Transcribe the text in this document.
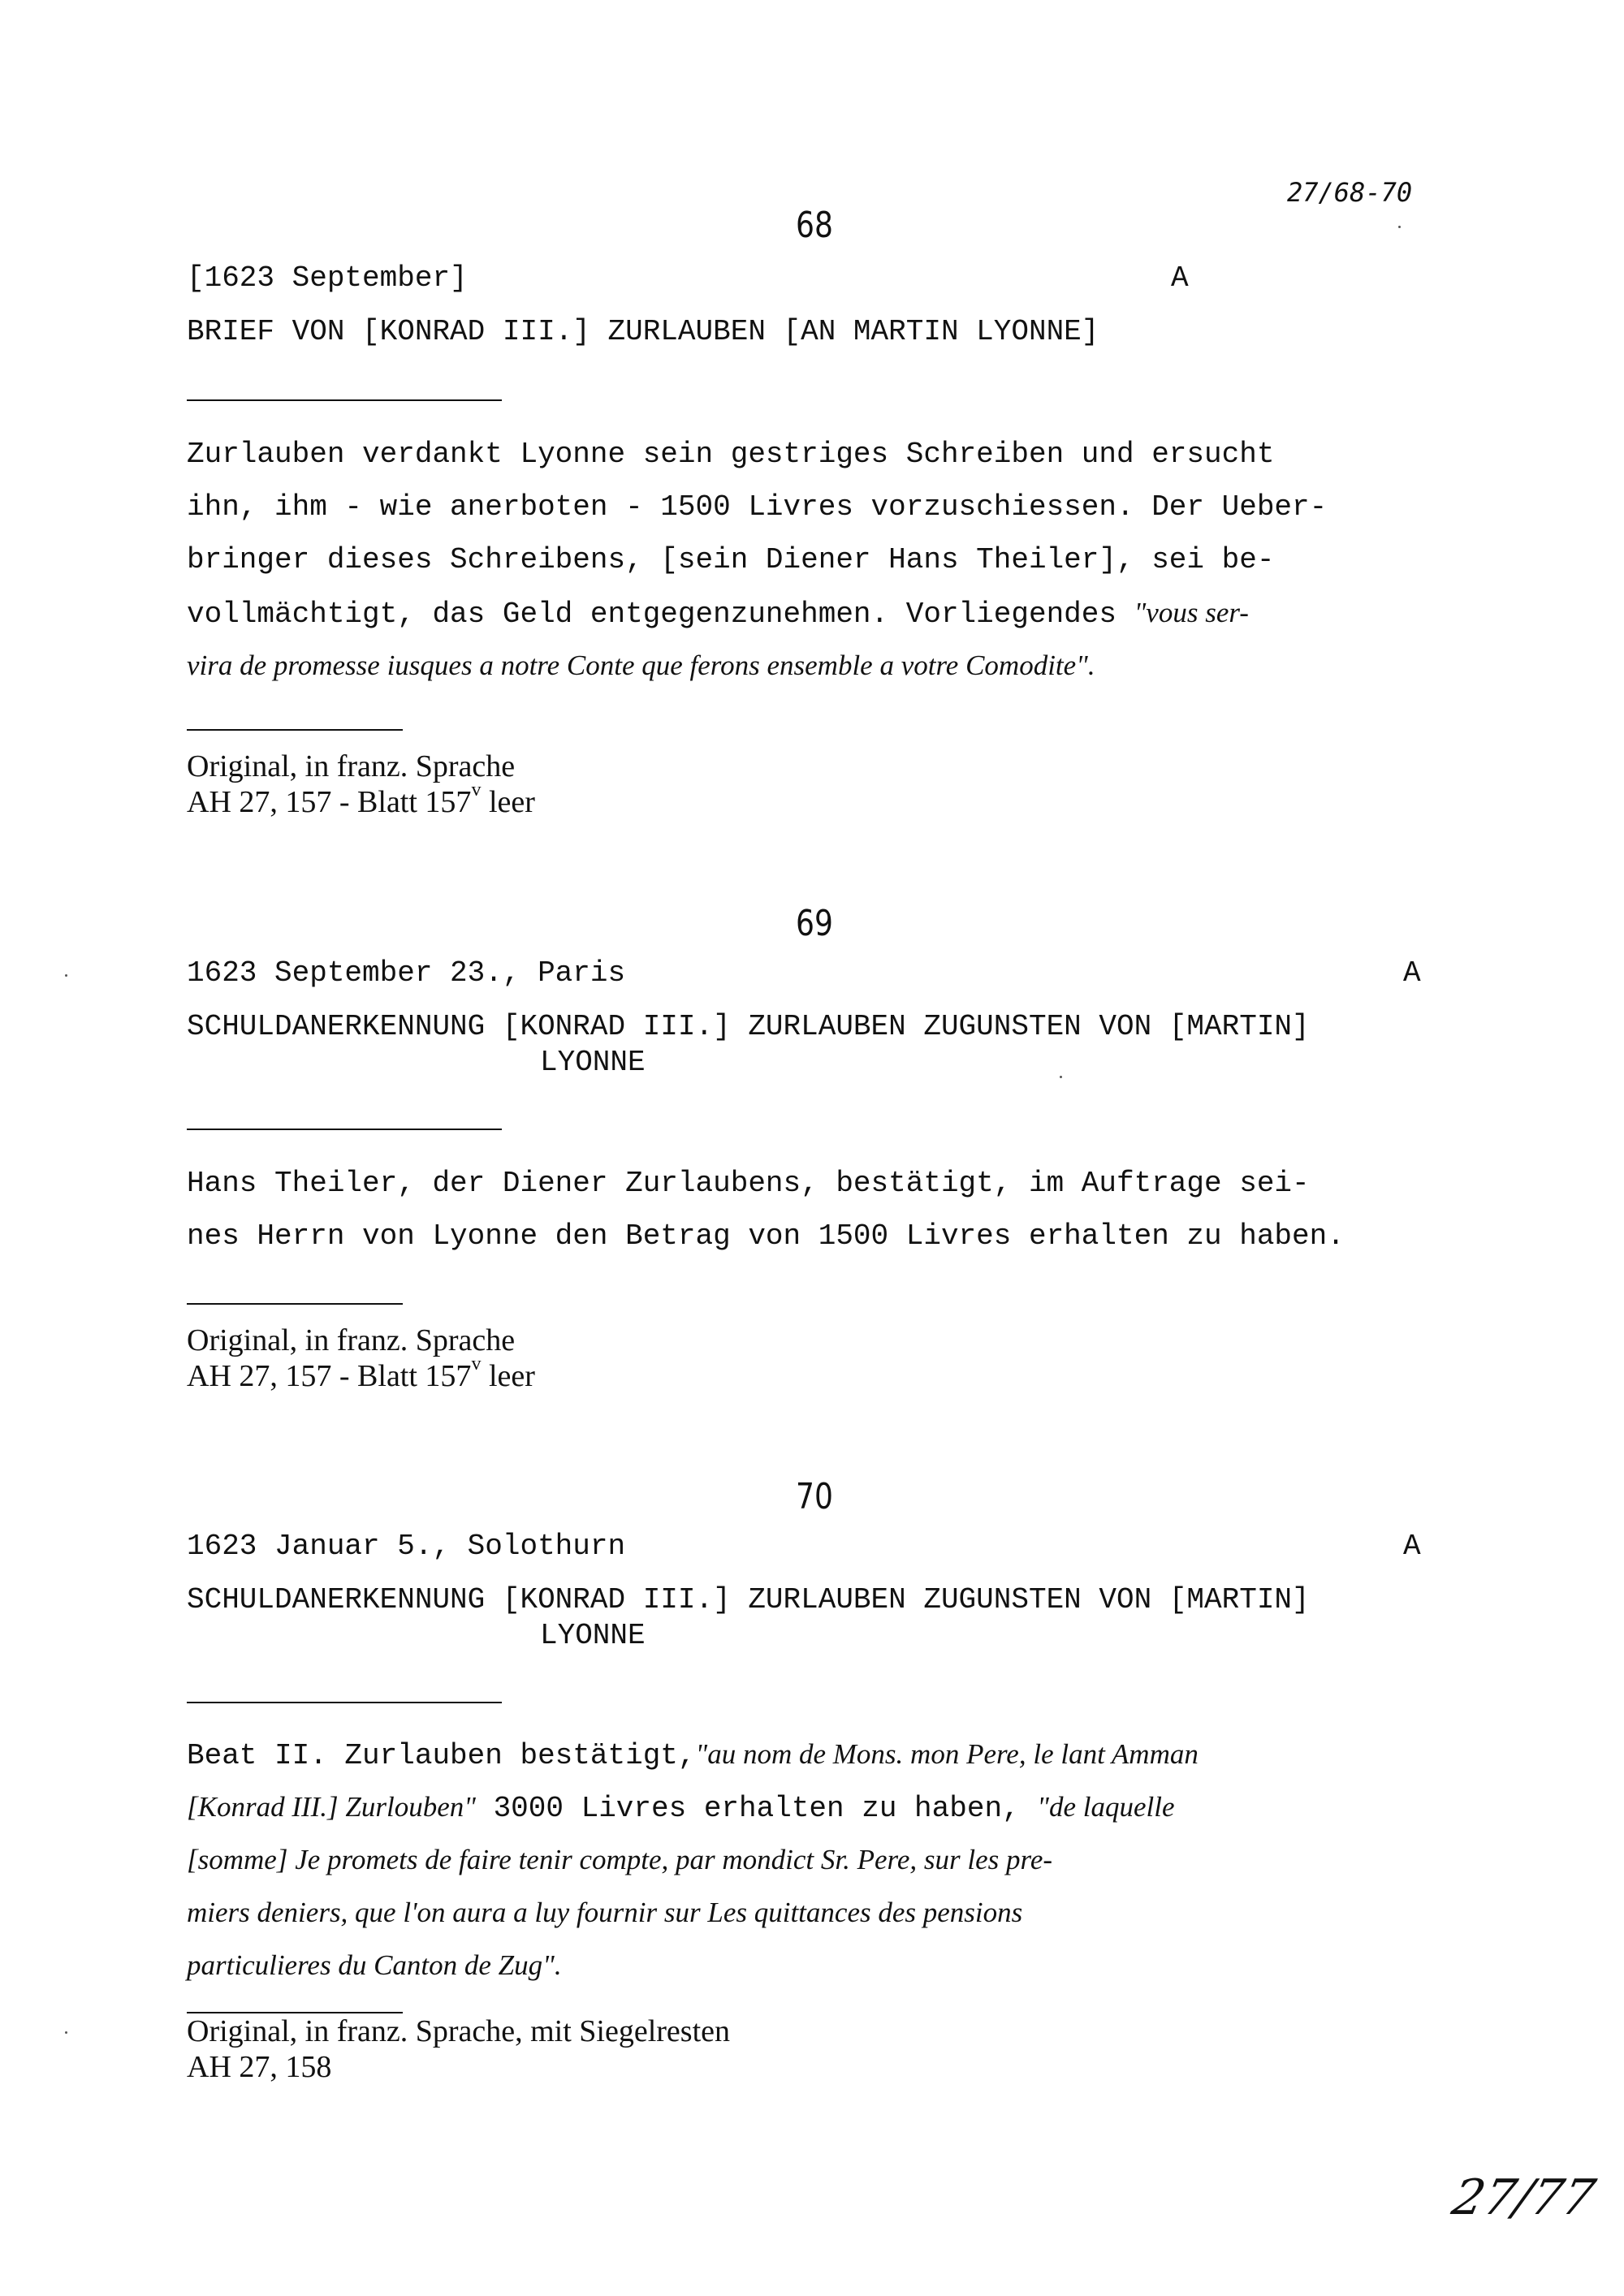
27/68-70
68
[1623 September]	A
BRIEF VON [KONRAD III.] ZURLAUBEN [AN MARTIN LYONNE]
Zurlauben verdankt Lyonne sein gestriges Schreiben und ersucht
ihn, ihm - wie anerboten - 1500 Livres vorzuschiessen. Der Ueber-
bringer dieses Schreibens, [sein Diener Hans Theiler], sei be-
vollmächtigt, das Geld entgegenzunehmen. Vorliegendes "vous ser-
vira de promesse iusques a notre Conte que ferons ensemble a votre Comodite".
Original, in franz. Sprache
AH 27, 157 - Blatt 157$^v$ leer
69
1623 September 23., Paris	A
SCHULDANERKENNUNG [KONRAD III.] ZURLAUBEN ZUGUNSTEN VON [MARTIN]
LYONNE
Hans Theiler, der Diener Zurlaubens, bestätigt, im Auftrage sei-
nes Herrn von Lyonne den Betrag von 1500 Livres erhalten zu haben.
Original, in franz. Sprache
AH 27, 157 - Blatt 157$^v$ leer
70
1623 Januar 5., Solothurn	A
SCHULDANERKENNUNG [KONRAD III.] ZURLAUBEN ZUGUNSTEN VON [MARTIN]
LYONNE
Beat II. Zurlauben bestätigt,"au nom de Mons. mon Pere, le lant Amman
[Konrad III.] Zurlouben" 3000 Livres erhalten zu haben, "de laquelle
[somme] Je promets de faire tenir compte, par mondict Sr. Pere, sur les pre-
miers deniers, que l'on aura a luy fournir sur Les quittances des pensions
particulieres du Canton de Zug".
Original, in franz. Sprache, mit Siegelresten
AH 27, 158
27/77
